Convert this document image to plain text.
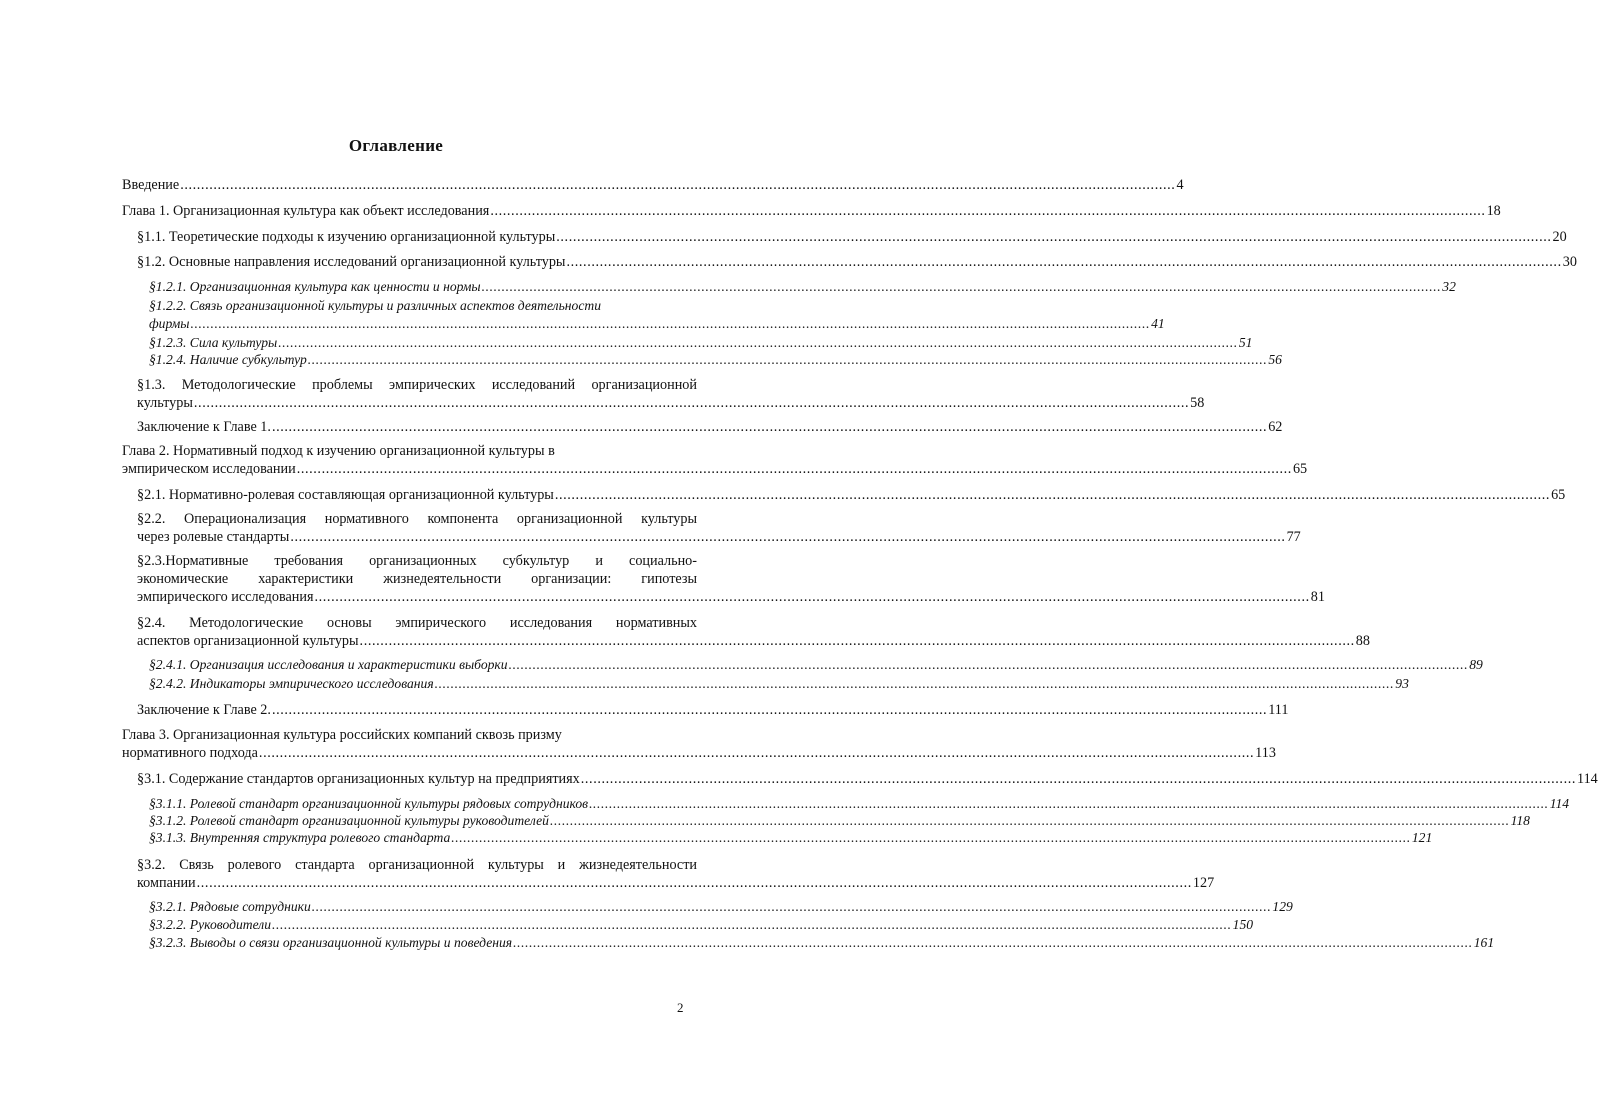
Оглавление
Введение .....	4
Глава 1. Организационная культура как объект исследования .....	18
§1.1. Теоретические подходы к изучению организационной культуры .....	20
§1.2. Основные направления исследований организационной культуры .....	30
§1.2.1. Организационная культура как ценности и нормы .....	32
§1.2.2. Связь организационной культуры и различных аспектов деятельности
фирмы .....	41
§1.2.3. Сила культуры .....	51
§1.2.4. Наличие субкультур .....	56
§1.3. Методологические проблемы эмпирических исследований организационной
культуры .....	58
Заключение к Главе 1. .....	62
Глава 2. Нормативный подход к изучению организационной культуры в
эмпирическом исследовании .....	65
§2.1. Нормативно-ролевая составляющая организационной культуры .....	65
§2.2. Операционализация нормативного компонента организационной культуры
через ролевые стандарты .....	77
§2.3.Нормативные требования организационных субкультур и социально-
экономические характеристики жизнедеятельности организации: гипотезы
эмпирического исследования .....	81
§2.4. Методологические основы эмпирического исследования нормативных
аспектов организационной культуры .....	88
§2.4.1. Организация исследования и характеристики выборки .....	89
§2.4.2. Индикаторы эмпирического исследования .....	93
Заключение к Главе 2. .....	111
Глава 3. Организационная культура российских компаний сквозь призму
нормативного подхода .....	113
§3.1. Содержание стандартов организационных культур на предприятиях .....	114
§3.1.1. Ролевой стандарт организационной культуры рядовых сотрудников .....	114
§3.1.2. Ролевой стандарт организационной культуры руководителей .....	118
§3.1.3. Внутренняя структура ролевого стандарта .....	121
§3.2. Связь ролевого стандарта организационной культуры и жизнедеятельности
компании .....	127
§3.2.1. Рядовые сотрудники .....	129
§3.2.2. Руководители .....	150
§3.2.3. Выводы о связи организационной культуры и поведения .....	161
2
